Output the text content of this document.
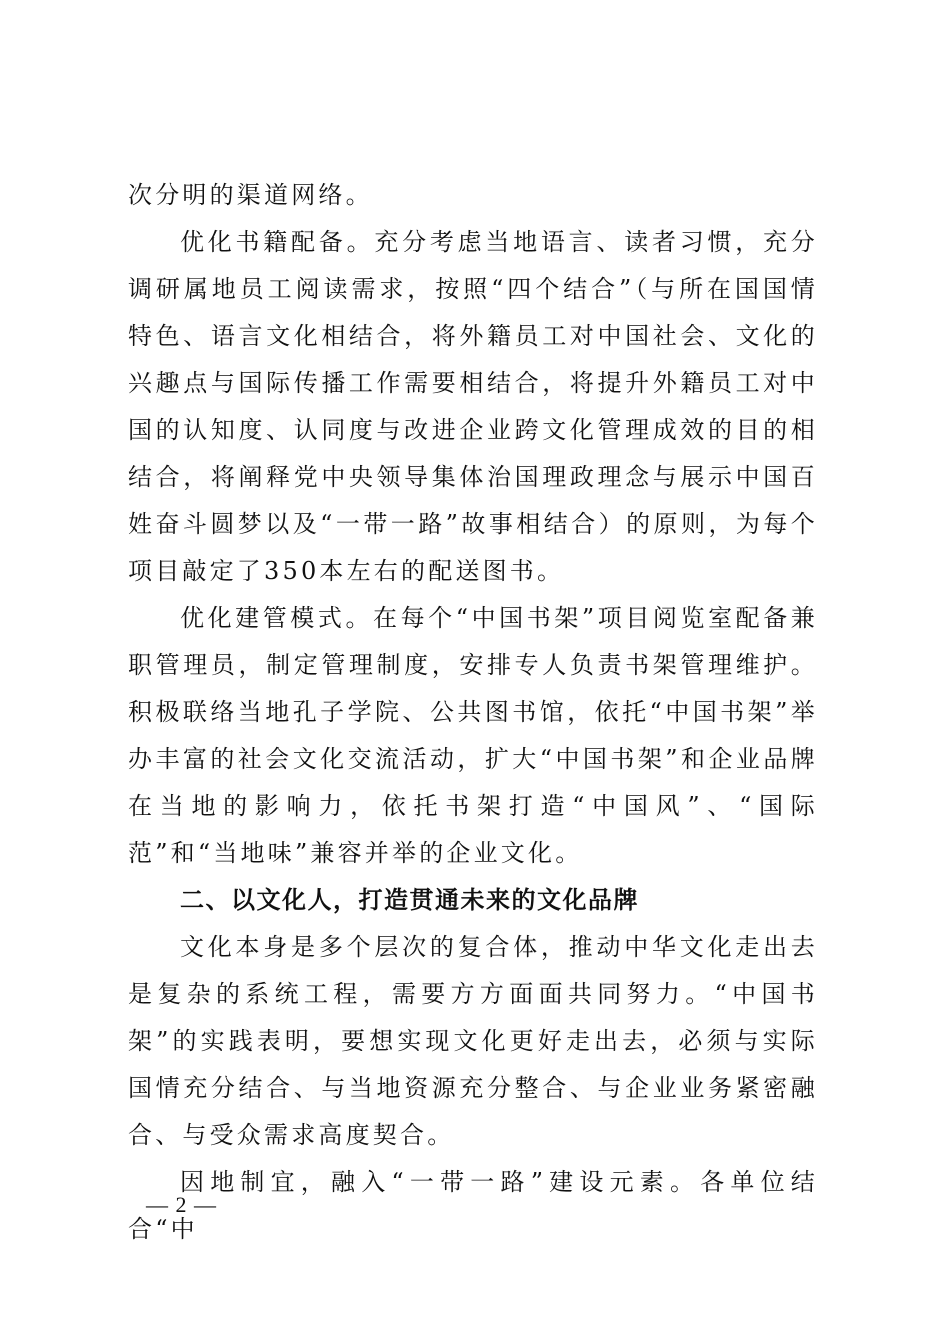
次分明的渠道网络。

优化书籍配备。充分考虑当地语言、读者习惯，充分调研属地员工阅读需求，按照“四个结合”（与所在国国情特色、语言文化相结合，将外籍员工对中国社会、文化的兴趣点与国际传播工作需要相结合，将提升外籍员工对中国的认知度、认同度与改进企业跨文化管理成效的目的相结合，将阐释党中央领导集体治国理政理念与展示中国百姓奋斗圆梦以及“一带一路”故事相结合）的原则，为每个项目敲定了350本左右的配送图书。

优化建管模式。在每个“中国书架”项目阅览室配备兼职管理员，制定管理制度，安排专人负责书架管理维护。积极联络当地孔子学院、公共图书馆，依托“中国书架”举办丰富的社会文化交流活动，扩大“中国书架”和企业品牌在当地的影响力，依托书架打造“中国风”、“国际范”和“当地味”兼容并举的企业文化。

二、以文化人，打造贯通未来的文化品牌

文化本身是多个层次的复合体，推动中华文化走出去是复杂的系统工程，需要方方面面共同努力。“中国书架”的实践表明，要想实现文化更好走出去，必须与实际国情充分结合、与当地资源充分整合、与企业业务紧密融合、与受众需求高度契合。

因地制宜，融入“一带一路”建设元素。各单位结合“中

— 2 —
